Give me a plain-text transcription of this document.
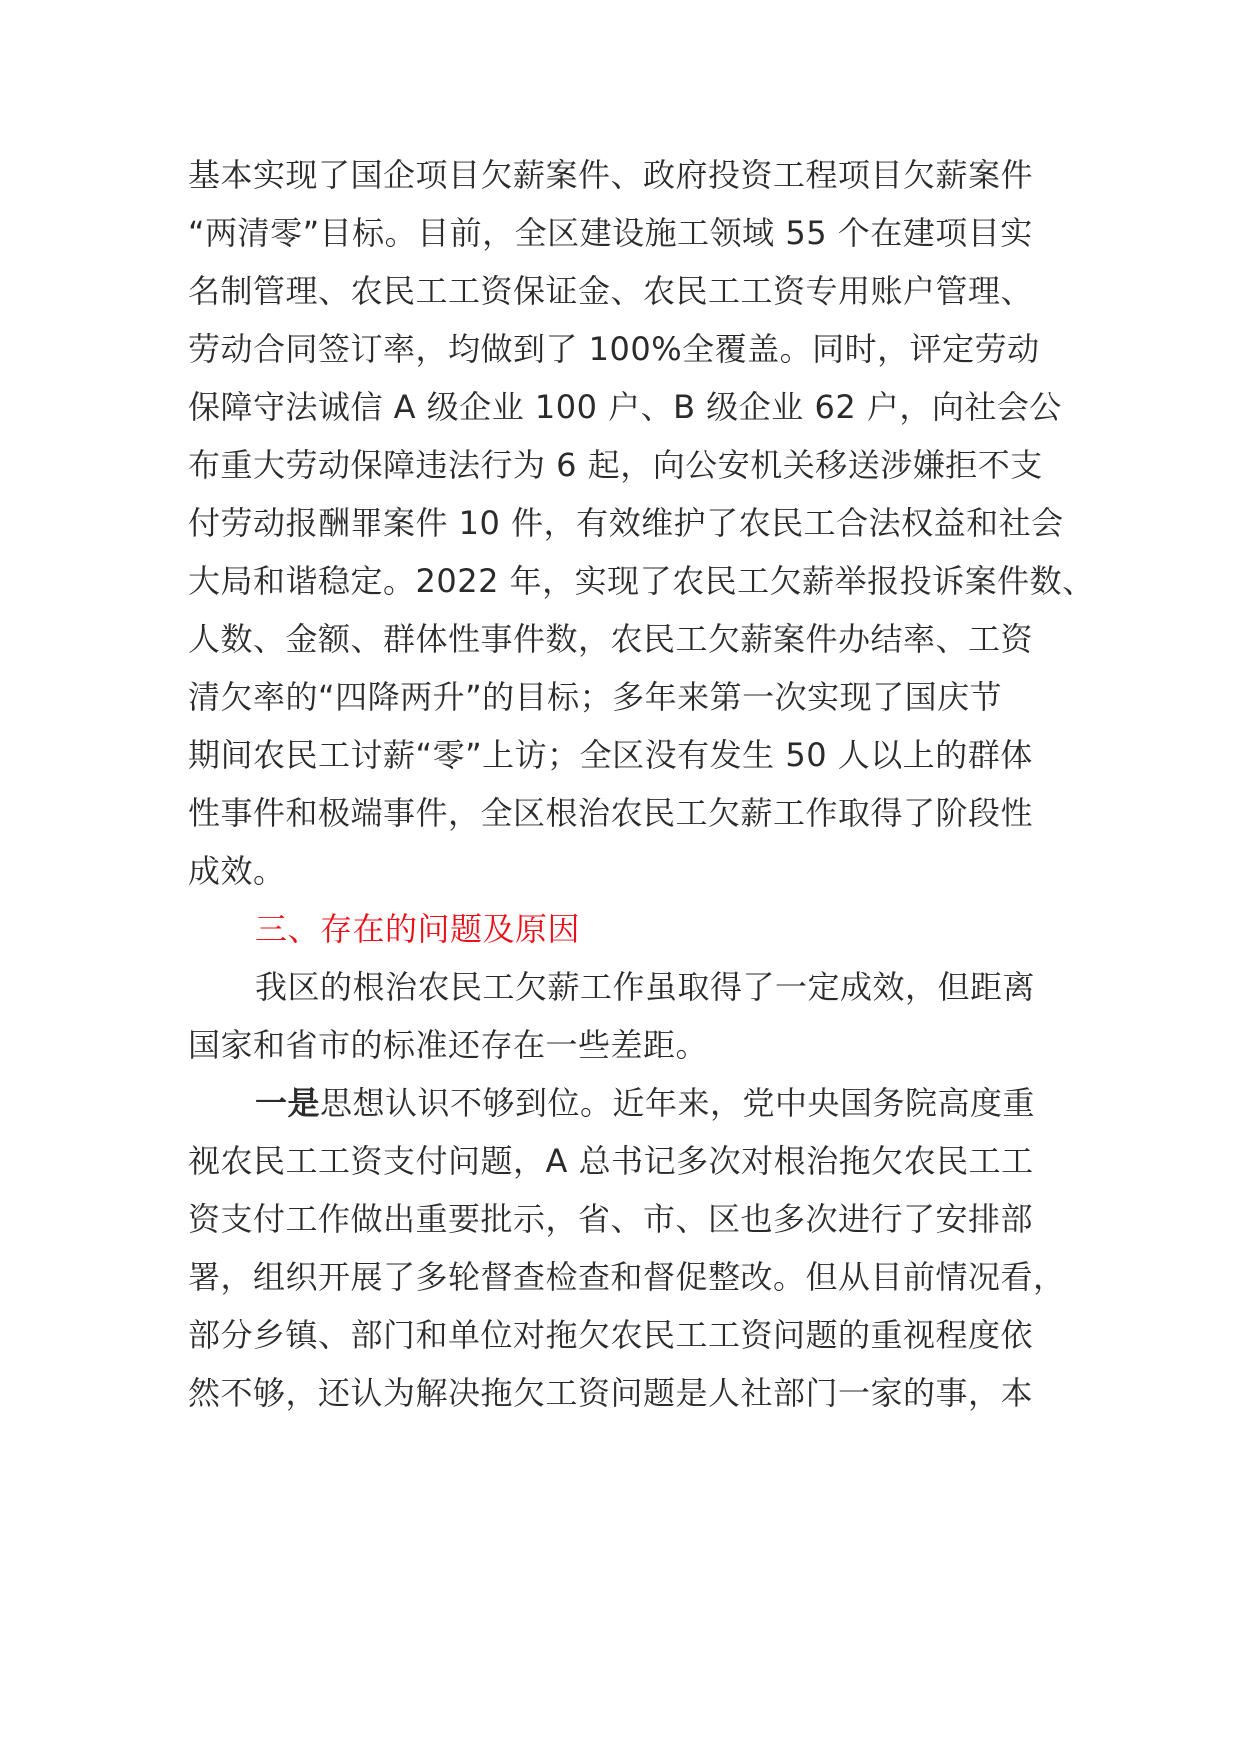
基本实现了国企项目欠薪案件、政府投资工程项目欠薪案件
“两清零”目标。目前，全区建设施工领域 55 个在建项目实
名制管理、农民工工资保证金、农民工工资专用账户管理、
劳动合同签订率，均做到了 100%全覆盖。同时，评定劳动
保障守法诚信 A 级企业 100 户、B 级企业 62 户，向社会公
布重大劳动保障违法行为 6 起，向公安机关移送涉嫌拒不支
付劳动报酬罪案件 10 件，有效维护了农民工合法权益和社会
大局和谐稳定。2022 年，实现了农民工欠薪举报投诉案件数、
人数、金额、群体性事件数，农民工欠薪案件办结率、工资
清欠率的“四降两升”的目标；多年来第一次实现了国庆节
期间农民工讨薪“零”上访；全区没有发生 50 人以上的群体
性事件和极端事件，全区根治农民工欠薪工作取得了阶段性
成效。
三、存在的问题及原因
我区的根治农民工欠薪工作虽取得了一定成效，但距离
国家和省市的标准还存在一些差距。
一是思想认识不够到位。近年来，党中央国务院高度重
视农民工工资支付问题，A 总书记多次对根治拖欠农民工工
资支付工作做出重要批示，省、市、区也多次进行了安排部
署，组织开展了多轮督查检查和督促整改。但从目前情况看，
部分乡镇、部门和单位对拖欠农民工工资问题的重视程度依
然不够，还认为解决拖欠工资问题是人社部门一家的事，本
